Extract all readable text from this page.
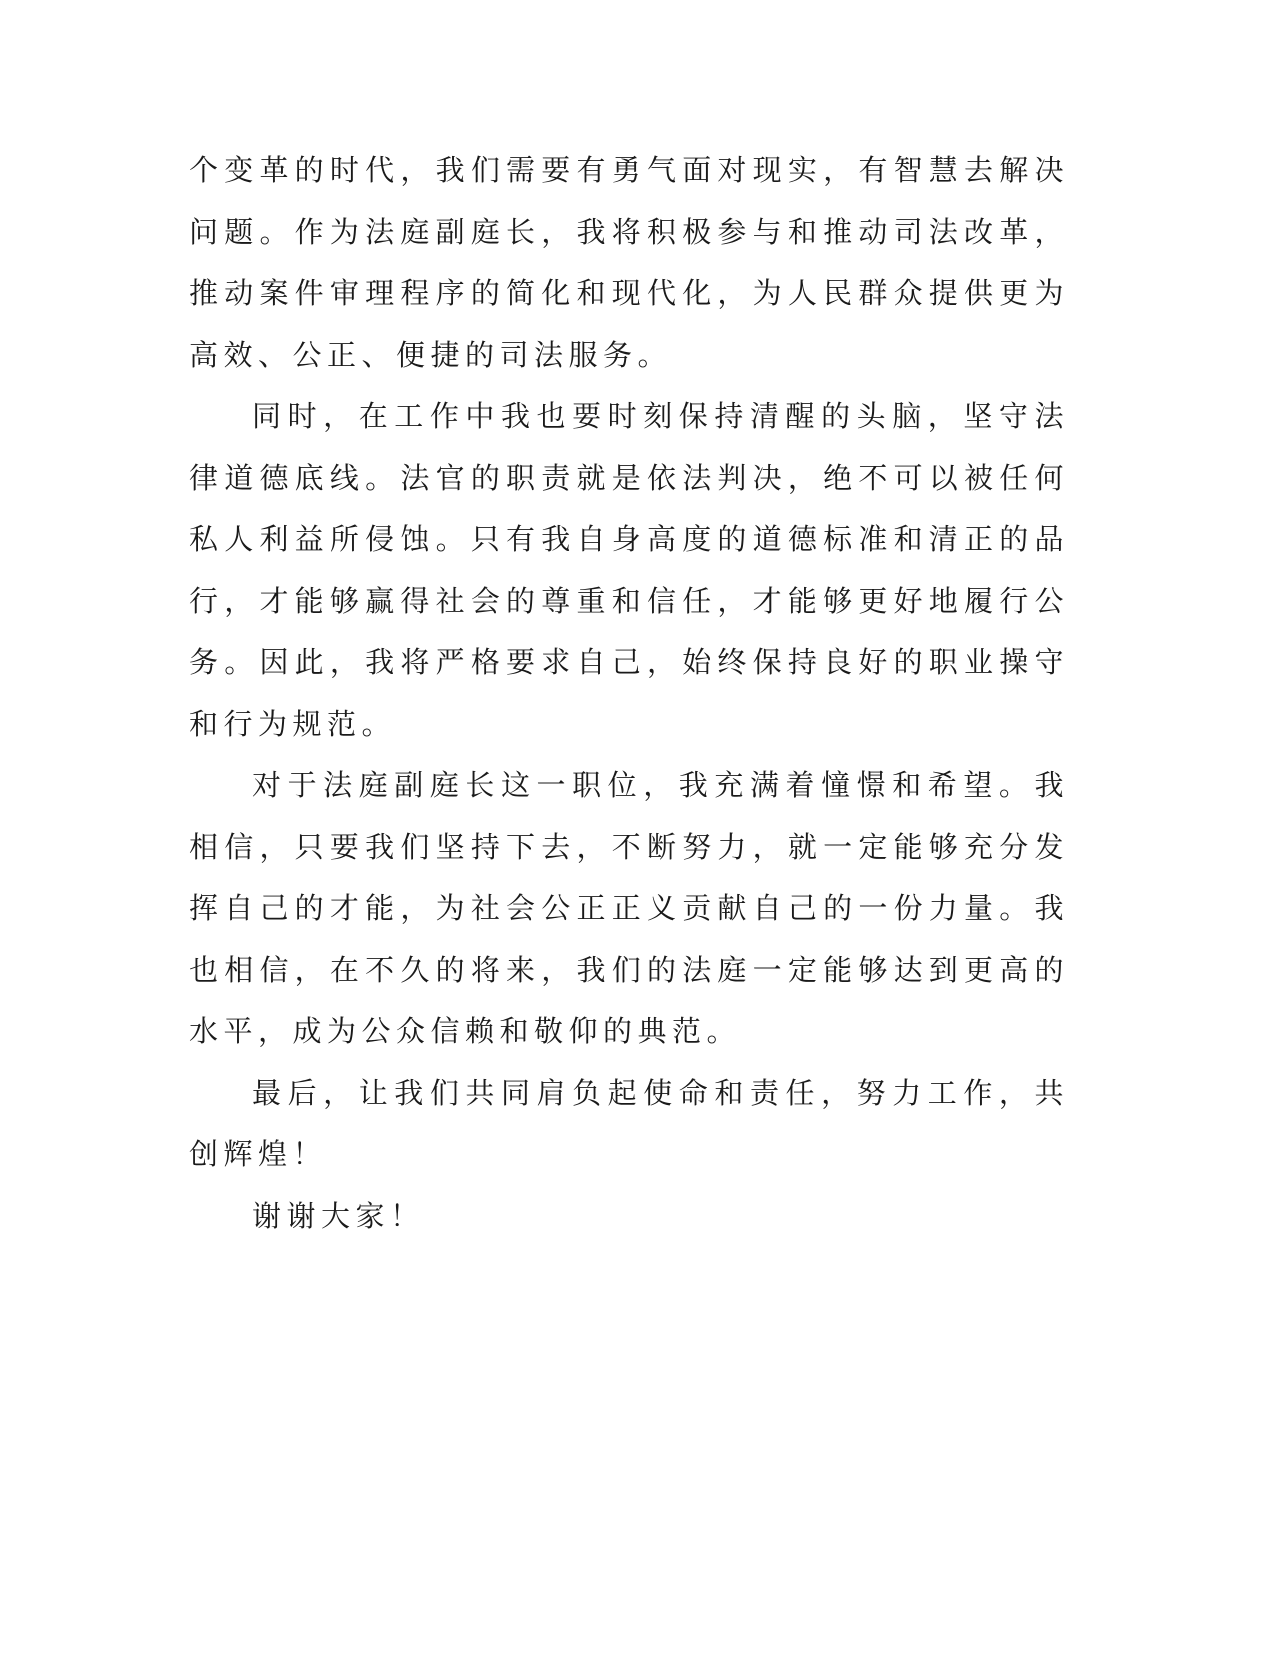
个变革的时代，我们需要有勇气面对现实，有智慧去解决问题。作为法庭副庭长，我将积极参与和推动司法改革，推动案件审理程序的简化和现代化，为人民群众提供更为高效、公正、便捷的司法服务。

同时，在工作中我也要时刻保持清醒的头脑，坚守法律道德底线。法官的职责就是依法判决，绝不可以被任何私人利益所侵蚀。只有我自身高度的道德标准和清正的品行，才能够赢得社会的尊重和信任，才能够更好地履行公务。因此，我将严格要求自己，始终保持良好的职业操守和行为规范。

对于法庭副庭长这一职位，我充满着憧憬和希望。我相信，只要我们坚持下去，不断努力，就一定能够充分发挥自己的才能，为社会公正正义贡献自己的一份力量。我也相信，在不久的将来，我们的法庭一定能够达到更高的水平，成为公众信赖和敬仰的典范。

最后，让我们共同肩负起使命和责任，努力工作，共创辉煌！

谢谢大家！
